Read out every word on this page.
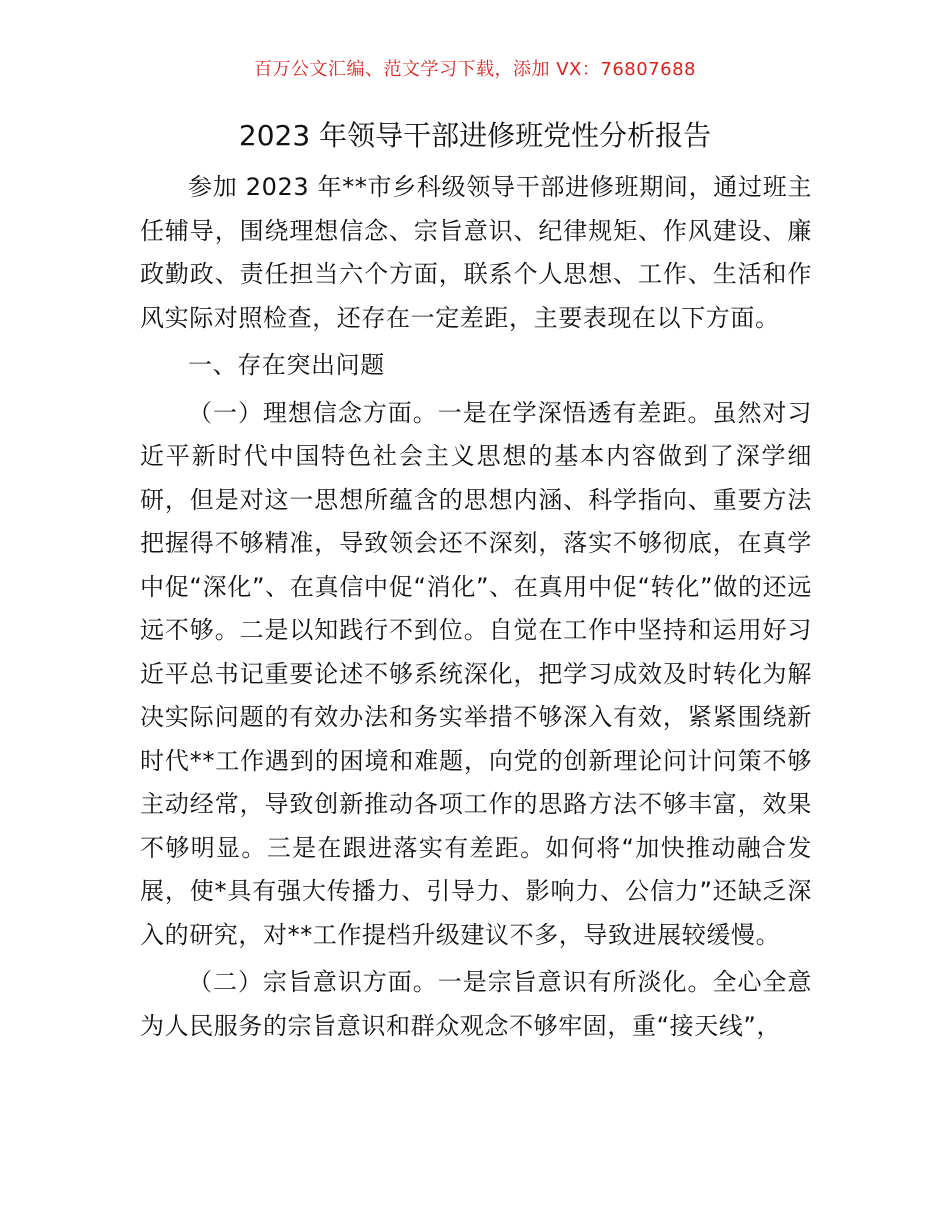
百万公文汇编、范文学习下载，添加 VX：76807688
2023 年领导干部进修班党性分析报告

参加 2023 年**市乡科级领导干部进修班期间，通过班主任辅导，围绕理想信念、宗旨意识、纪律规矩、作风建设、廉政勤政、责任担当六个方面，联系个人思想、工作、生活和作风实际对照检查，还存在一定差距，主要表现在以下方面。

一、存在突出问题

（一）理想信念方面。一是在学深悟透有差距。虽然对习近平新时代中国特色社会主义思想的基本内容做到了深学细研，但是对这一思想所蕴含的思想内涵、科学指向、重要方法把握得不够精准，导致领会还不深刻，落实不够彻底，在真学中促“深化”、在真信中促“消化”、在真用中促“转化”做的还远远不够。二是以知践行不到位。自觉在工作中坚持和运用好习近平总书记重要论述不够系统深化，把学习成效及时转化为解决实际问题的有效办法和务实举措不够深入有效，紧紧围绕新时代**工作遇到的困境和难题，向党的创新理论问计问策不够主动经常，导致创新推动各项工作的思路方法不够丰富，效果不够明显。三是在跟进落实有差距。如何将“加快推动融合发展，使*具有强大传播力、引导力、影响力、公信力”还缺乏深入的研究，对**工作提档升级建议不多，导致进展较缓慢。

（二）宗旨意识方面。一是宗旨意识有所淡化。全心全意为人民服务的宗旨意识和群众观念不够牢固，重“接天线”，
